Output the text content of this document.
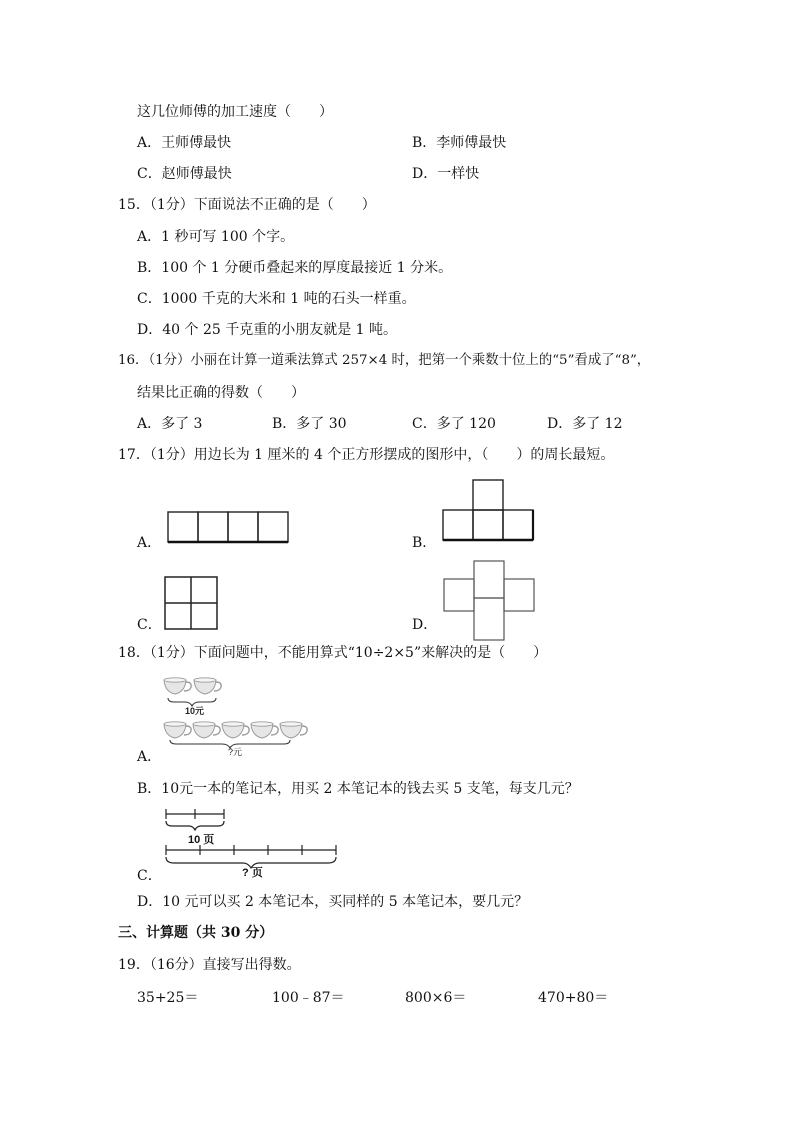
这几位师傅的加工速度（　　）
A．王师傅最快	B．李师傅最快
C．赵师傅最快	D．一样快
15．（1分）下面说法不正确的是（　　）
A．1 秒可写 100 个字。
B．100 个 1 分硬币叠起来的厚度最接近 1 分米。
C．1000 千克的大米和 1 吨的石头一样重。
D．40 个 25 千克重的小朋友就是 1 吨。
16．（1分）小丽在计算一道乘法算式 257×4 时，把第一个乘数十位上的“5”看成了“8”，
结果比正确的得数（　　）
A．多了 3	B．多了 30	C．多了 120	D．多了 12
17．（1分）用边长为 1 厘米的 4 个正方形摆成的图形中，（　　）的周长最短。
A．	B．
C．	D．
18．（1分）下面问题中，不能用算式“10÷2×5”来解决的是（　　）
10元
?元
A．
B．10元一本的笔记本，用买 2 本笔记本的钱去买 5 支笔，每支几元？
10 页
? 页
C．
D．10 元可以买 2 本笔记本，买同样的 5 本笔记本，要几元？
三、计算题（共 30 分）
19．（16分）直接写出得数。
35+25＝	100﹣87＝	800×6＝	470+80＝
